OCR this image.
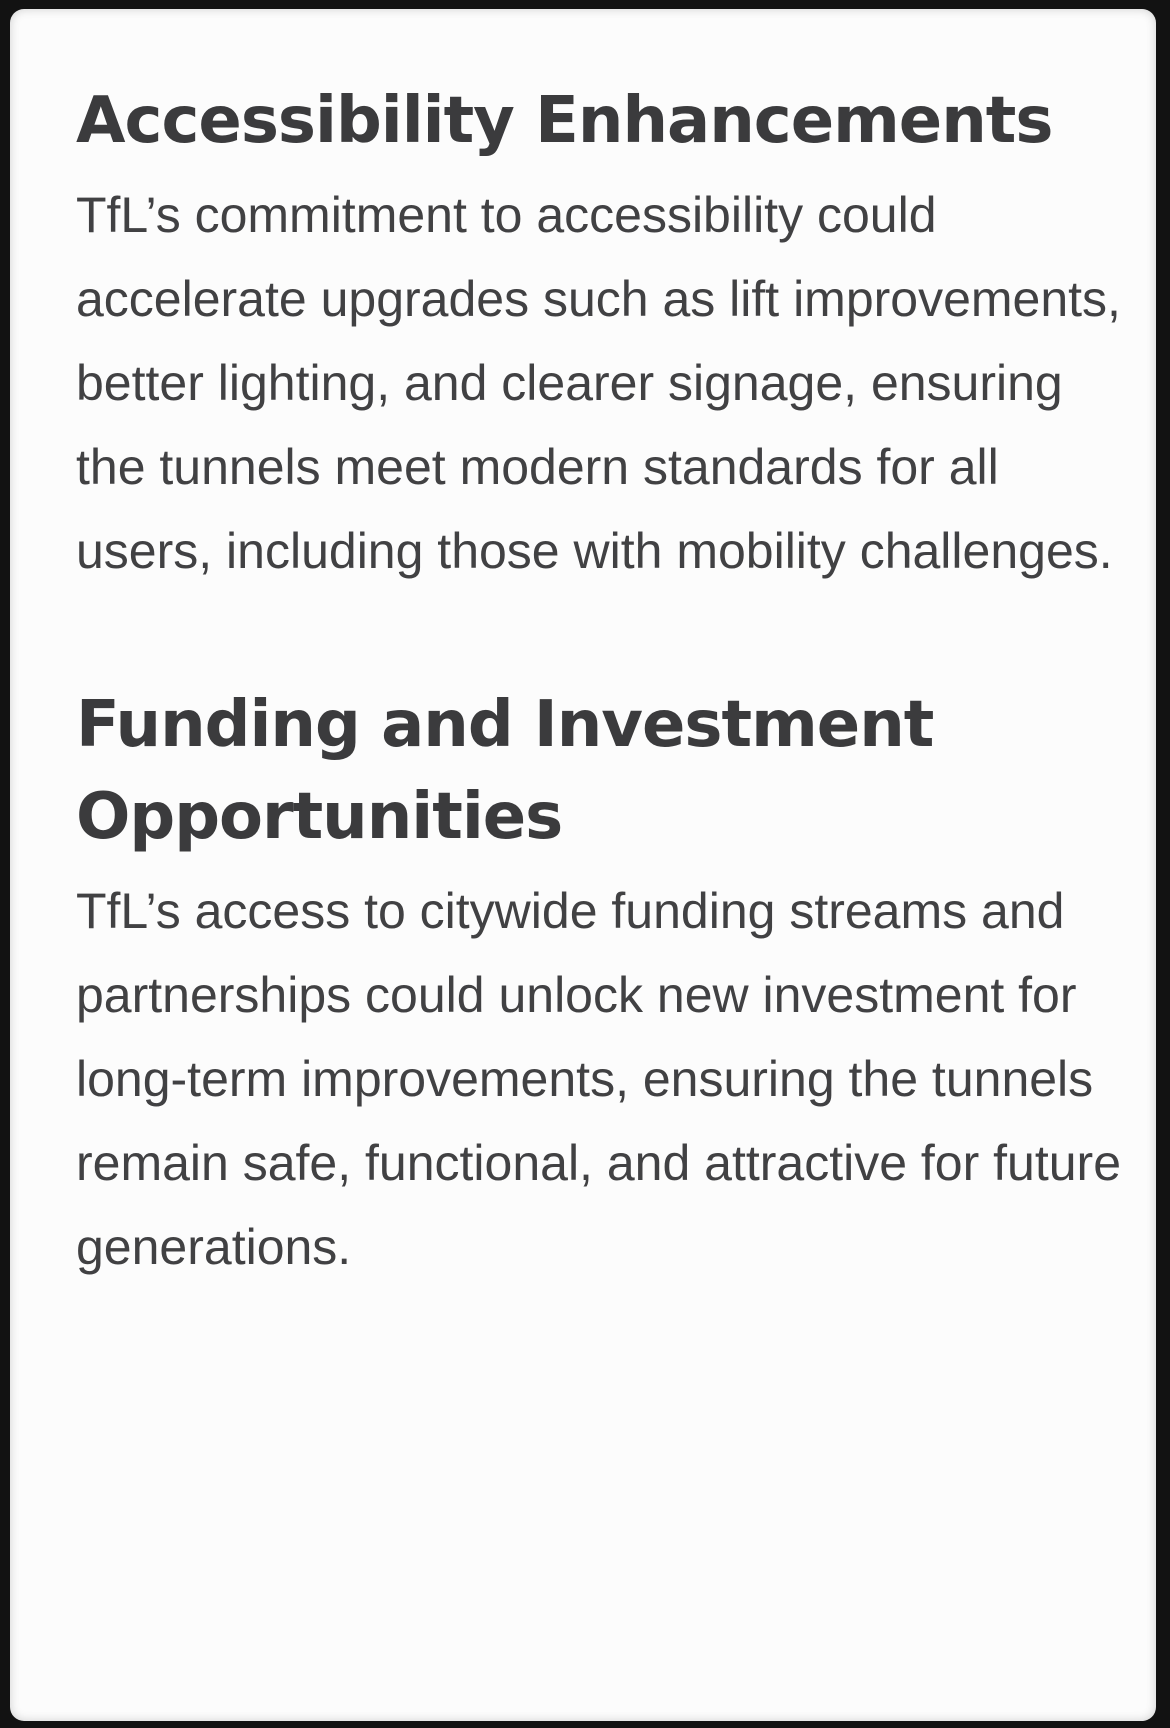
Accessibility Enhancements

TfL’s commitment to accessibility could accelerate upgrades such as lift improvements, better lighting, and clearer signage, ensuring the tunnels meet modern standards for all users, including those with mobility challenges.

Funding and Investment Opportunities

TfL’s access to citywide funding streams and partnerships could unlock new investment for long-term improvements, ensuring the tunnels remain safe, functional, and attractive for future generations.
